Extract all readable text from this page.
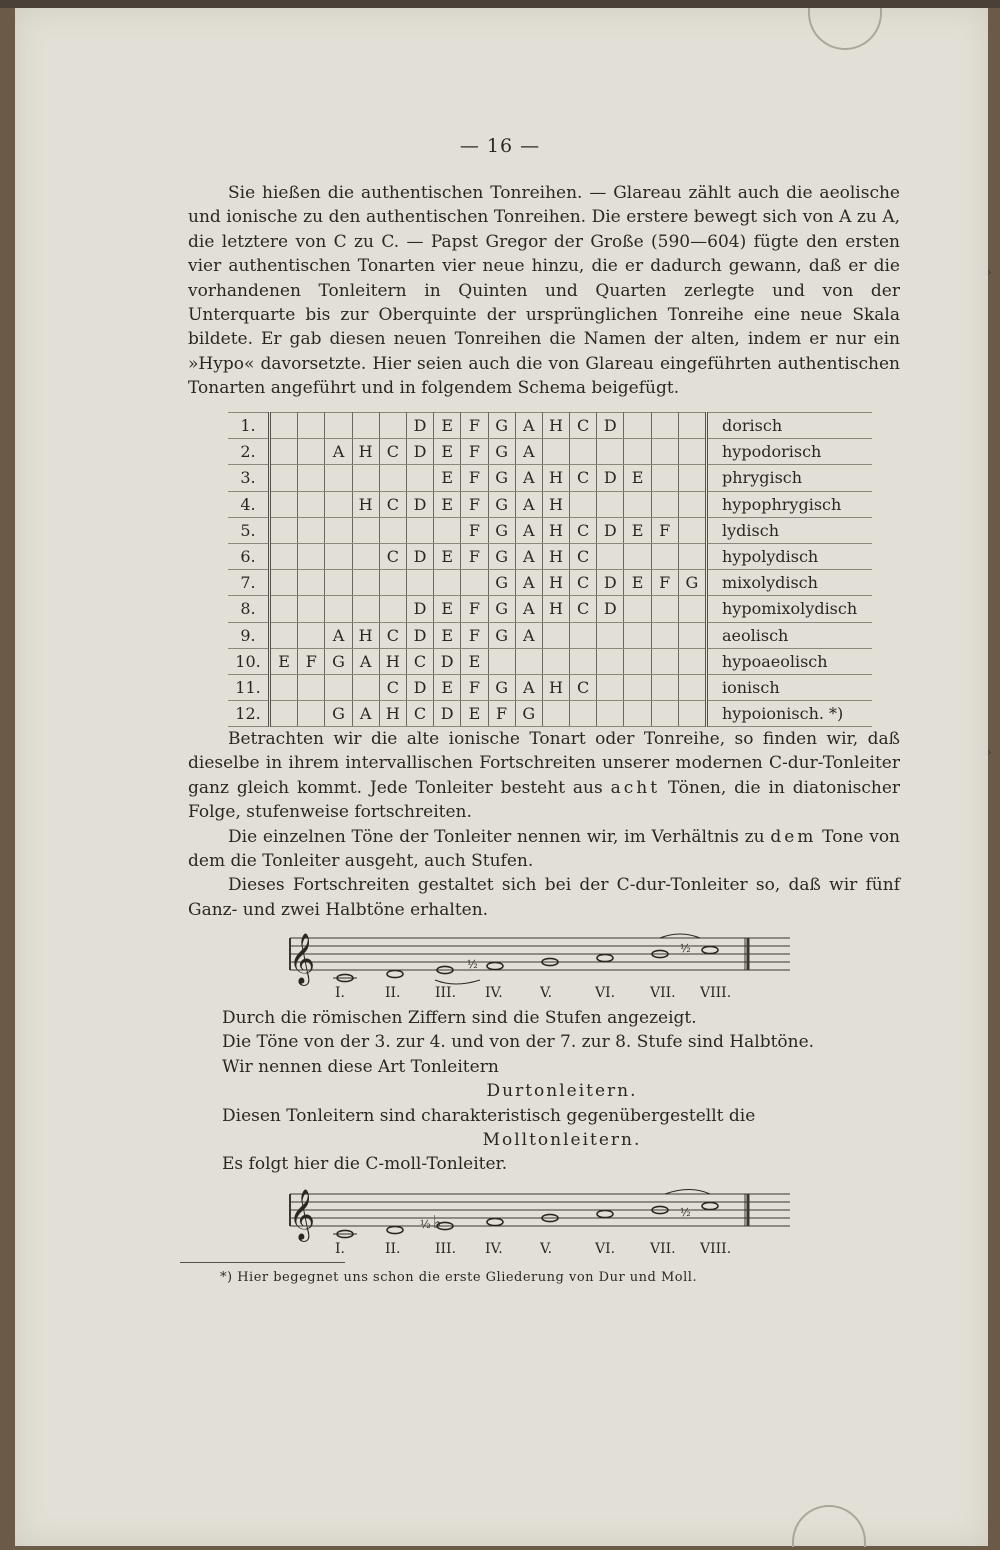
— 16 —

Sie hießen die authentischen Tonreihen. — Glareau zählt auch die aeolische und ionische zu den authentischen Tonreihen. Die erstere bewegt sich von A zu A, die letztere von C zu C. — Papst Gregor der Große (590—604) fügte den ersten vier authentischen Tonarten vier neue hinzu, die er dadurch gewann, daß er die vorhandenen Tonleitern in Quinten und Quarten zerlegte und von der Unterquarte bis zur Oberquinte der ursprünglichen Tonreihe eine neue Skala bildete. Er gab diesen neuen Tonreihen die Namen der alten, indem er nur ein »Hypo« davorsetzte. Hier seien auch die von Glareau eingeführten authentischen Tonarten angeführt und in folgendem Schema beigefügt.

1.						D	E	F	G	A	H	C	D				dorisch
2.			A	H	C	D	E	F	G	A							hypodorisch
3.							E	F	G	A	H	C	D	E			phrygisch
4.				H	C	D	E	F	G	A	H						hypophrygisch
5.								F	G	A	H	C	D	E	F		lydisch
6.					C	D	E	F	G	A	H	C					hypolydisch
7.									G	A	H	C	D	E	F	G	mixolydisch
8.						D	E	F	G	A	H	C	D				hypomixolydisch
9.			A	H	C	D	E	F	G	A							aeolisch
10.	E	F	G	A	H	C	D	E									hypoaeolisch
11.					C	D	E	F	G	A	H	C					ionisch
12.			G	A	H	C	D	E	F	G							hypoionisch. *)

Betrachten wir die alte ionische Tonart oder Tonreihe, so finden wir, daß dieselbe in ihrem intervallischen Fortschreiten unserer modernen C-dur-Tonleiter ganz gleich kommt. Jede Tonleiter besteht aus acht Tönen, die in diatonischer Folge, stufenweise fortschreiten.

Die einzelnen Töne der Tonleiter nennen wir, im Verhältnis zu dem Tone von dem die Tonleiter ausgeht, auch Stufen.

Dieses Fortschreiten gestaltet sich bei der C-dur-Tonleiter so, daß wir fünf Ganz- und zwei Halbtöne erhalten.

𝄞	½
½
I.	II. III. IV.	V.	VI. VII. VIII.

Durch die römischen Ziffern sind die Stufen angezeigt.

Die Töne von der 3. zur 4. und von der 7. zur 8. Stufe sind Halbtöne.

Wir nennen diese Art Tonleitern

Durtonleitern.

Diesen Tonleitern sind charakteristisch gegenübergestellt die

Molltonleitern.

Es folgt hier die C-moll-Tonleiter.

𝄞	♭
½
½
I.	II. III. IV.	V.	VI. VII. VIII.
*) Hier begegnet uns schon die erste Gliederung von Dur und Moll.
›
›
